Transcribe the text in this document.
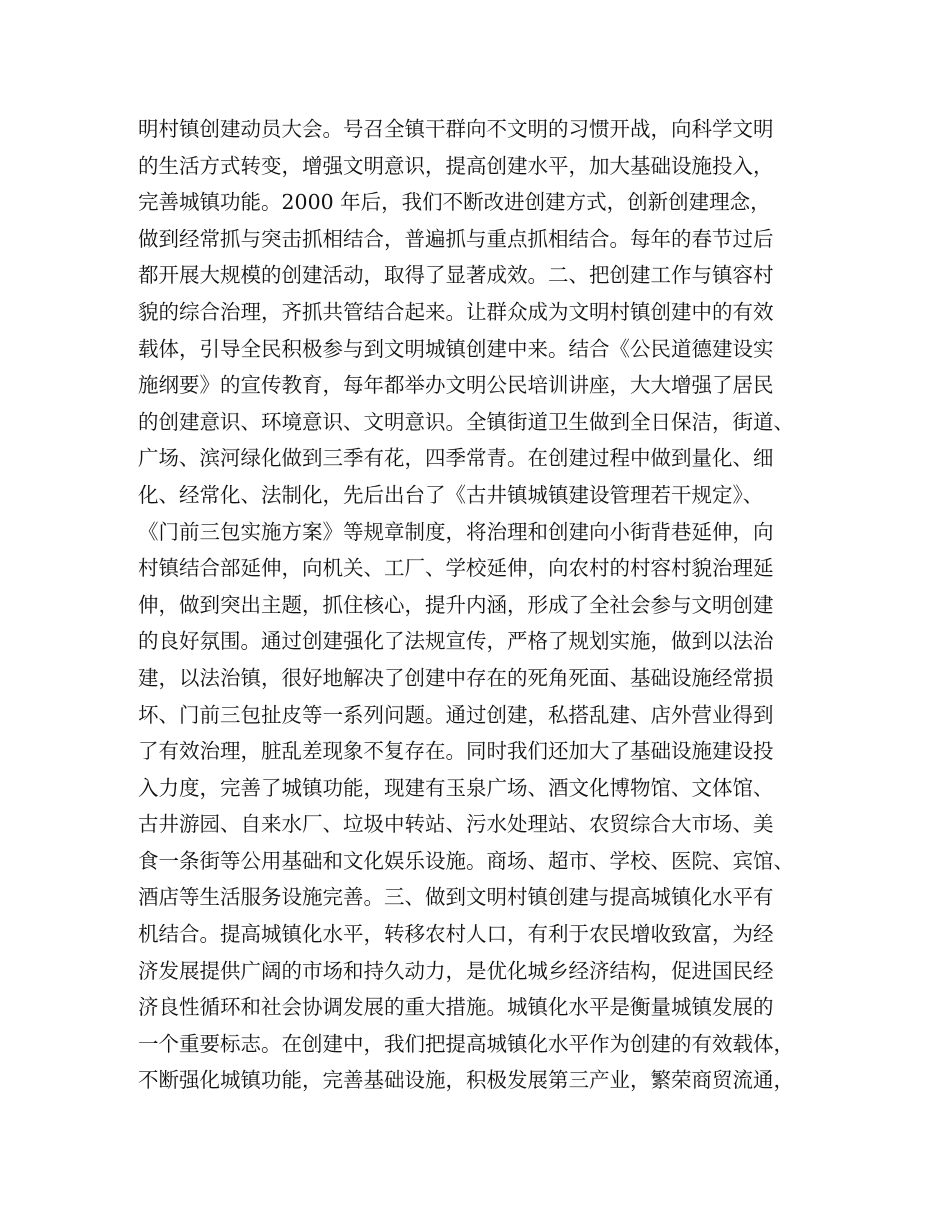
明村镇创建动员大会。号召全镇干群向不文明的习惯开战，向科学文明
的生活方式转变，增强文明意识，提高创建水平，加大基础设施投入，
完善城镇功能。2000 年后，我们不断改进创建方式，创新创建理念，
做到经常抓与突击抓相结合，普遍抓与重点抓相结合。每年的春节过后
都开展大规模的创建活动，取得了显著成效。二、把创建工作与镇容村
貌的综合治理，齐抓共管结合起来。让群众成为文明村镇创建中的有效
载体，引导全民积极参与到文明城镇创建中来。结合《公民道德建设实
施纲要》的宣传教育，每年都举办文明公民培训讲座，大大增强了居民
的创建意识、环境意识、文明意识。全镇街道卫生做到全日保洁，街道、
广场、滨河绿化做到三季有花，四季常青。在创建过程中做到量化、细
化、经常化、法制化，先后出台了《古井镇城镇建设管理若干规定》、
《门前三包实施方案》等规章制度，将治理和创建向小街背巷延伸，向
村镇结合部延伸，向机关、工厂、学校延伸，向农村的村容村貌治理延
伸，做到突出主题，抓住核心，提升内涵，形成了全社会参与文明创建
的良好氛围。通过创建强化了法规宣传，严格了规划实施，做到以法治
建，以法治镇，很好地解决了创建中存在的死角死面、基础设施经常损
坏、门前三包扯皮等一系列问题。通过创建，私搭乱建、店外营业得到
了有效治理，脏乱差现象不复存在。同时我们还加大了基础设施建设投
入力度，完善了城镇功能，现建有玉泉广场、酒文化博物馆、文体馆、
古井游园、自来水厂、垃圾中转站、污水处理站、农贸综合大市场、美
食一条街等公用基础和文化娱乐设施。商场、超市、学校、医院、宾馆、
酒店等生活服务设施完善。三、做到文明村镇创建与提高城镇化水平有
机结合。提高城镇化水平，转移农村人口，有利于农民增收致富，为经
济发展提供广阔的市场和持久动力，是优化城乡经济结构，促进国民经
济良性循环和社会协调发展的重大措施。城镇化水平是衡量城镇发展的
一个重要标志。在创建中，我们把提高城镇化水平作为创建的有效载体，
不断强化城镇功能，完善基础设施，积极发展第三产业，繁荣商贸流通，
